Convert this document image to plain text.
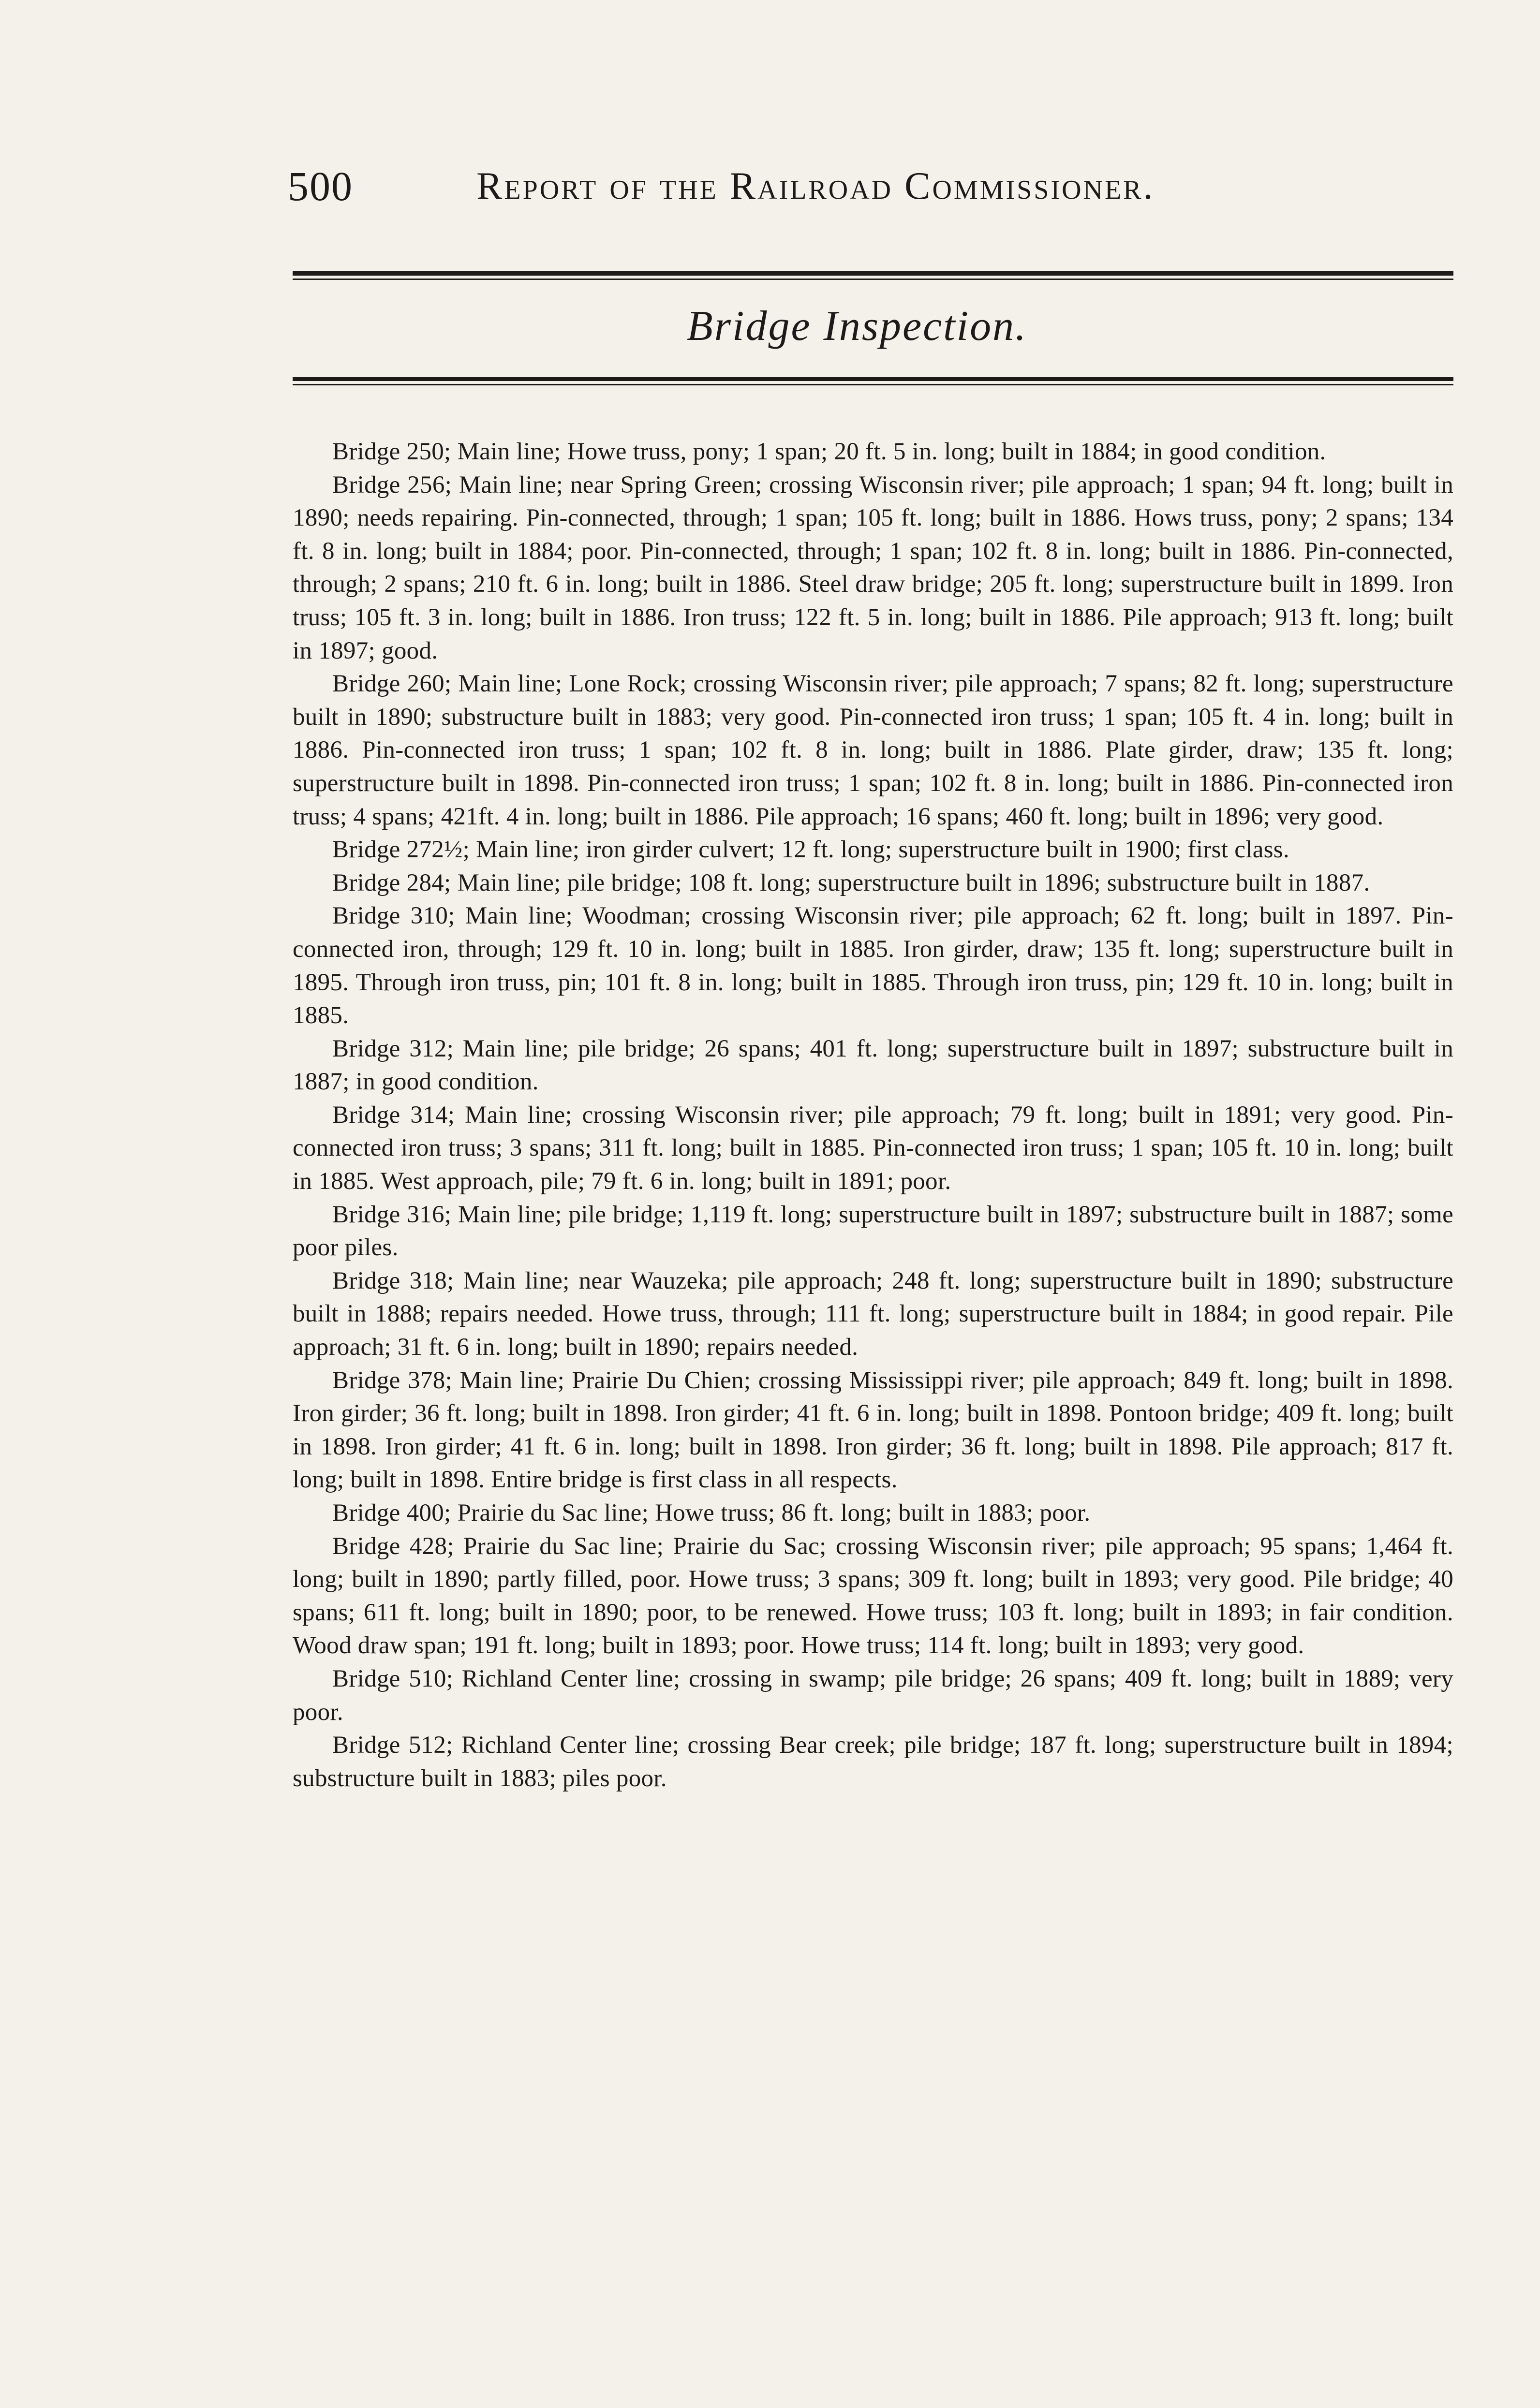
500	Report of the Railroad Commissioner.
Bridge Inspection.

Bridge 250; Main line; Howe truss, pony; 1 span; 20 ft. 5 in. long; built in 1884; in good condition.

Bridge 256; Main line; near Spring Green; crossing Wisconsin river; pile approach; 1 span; 94 ft. long; built in 1890; needs repairing. Pin-connected, through; 1 span; 105 ft. long; built in 1886. Hows truss, pony; 2 spans; 134 ft. 8 in. long; built in 1884; poor. Pin-connected, through; 1 span; 102 ft. 8 in. long; built in 1886. Pin-connected, through; 2 spans; 210 ft. 6 in. long; built in 1886. Steel draw bridge; 205 ft. long; superstructure built in 1899. Iron truss; 105 ft. 3 in. long; built in 1886. Iron truss; 122 ft. 5 in. long; built in 1886. Pile approach; 913 ft. long; built in 1897; good.

Bridge 260; Main line; Lone Rock; crossing Wisconsin river; pile approach; 7 spans; 82 ft. long; superstructure built in 1890; substructure built in 1883; very good. Pin-connected iron truss; 1 span; 105 ft. 4 in. long; built in 1886. Pin-connected iron truss; 1 span; 102 ft. 8 in. long; built in 1886. Plate girder, draw; 135 ft. long; superstructure built in 1898. Pin-connected iron truss; 1 span; 102 ft. 8 in. long; built in 1886. Pin-connected iron truss; 4 spans; 421ft. 4 in. long; built in 1886. Pile approach; 16 spans; 460 ft. long; built in 1896; very good.

Bridge 272½; Main line; iron girder culvert; 12 ft. long; superstructure built in 1900; first class.

Bridge 284; Main line; pile bridge; 108 ft. long; superstructure built in 1896; substructure built in 1887.

Bridge 310; Main line; Woodman; crossing Wisconsin river; pile approach; 62 ft. long; built in 1897. Pin-connected iron, through; 129 ft. 10 in. long; built in 1885. Iron girder, draw; 135 ft. long; superstructure built in 1895. Through iron truss, pin; 101 ft. 8 in. long; built in 1885. Through iron truss, pin; 129 ft. 10 in. long; built in 1885.

Bridge 312; Main line; pile bridge; 26 spans; 401 ft. long; superstructure built in 1897; substructure built in 1887; in good condition.

Bridge 314; Main line; crossing Wisconsin river; pile approach; 79 ft. long; built in 1891; very good. Pin-connected iron truss; 3 spans; 311 ft. long; built in 1885. Pin-connected iron truss; 1 span; 105 ft. 10 in. long; built in 1885. West approach, pile; 79 ft. 6 in. long; built in 1891; poor.

Bridge 316; Main line; pile bridge; 1,119 ft. long; superstructure built in 1897; substructure built in 1887; some poor piles.

Bridge 318; Main line; near Wauzeka; pile approach; 248 ft. long; superstructure built in 1890; substructure built in 1888; repairs needed. Howe truss, through; 111 ft. long; superstructure built in 1884; in good repair. Pile approach; 31 ft. 6 in. long; built in 1890; repairs needed.

Bridge 378; Main line; Prairie Du Chien; crossing Mississippi river; pile approach; 849 ft. long; built in 1898. Iron girder; 36 ft. long; built in 1898. Iron girder; 41 ft. 6 in. long; built in 1898. Pontoon bridge; 409 ft. long; built in 1898. Iron girder; 41 ft. 6 in. long; built in 1898. Iron girder; 36 ft. long; built in 1898. Pile approach; 817 ft. long; built in 1898. Entire bridge is first class in all respects.

Bridge 400; Prairie du Sac line; Howe truss; 86 ft. long; built in 1883; poor.

Bridge 428; Prairie du Sac line; Prairie du Sac; crossing Wisconsin river; pile approach; 95 spans; 1,464 ft. long; built in 1890; partly filled, poor. Howe truss; 3 spans; 309 ft. long; built in 1893; very good. Pile bridge; 40 spans; 611 ft. long; built in 1890; poor, to be renewed. Howe truss; 103 ft. long; built in 1893; in fair condition. Wood draw span; 191 ft. long; built in 1893; poor. Howe truss; 114 ft. long; built in 1893; very good.

Bridge 510; Richland Center line; crossing in swamp; pile bridge; 26 spans; 409 ft. long; built in 1889; very poor.

Bridge 512; Richland Center line; crossing Bear creek; pile bridge; 187 ft. long; superstructure built in 1894; substructure built in 1883; piles poor.
